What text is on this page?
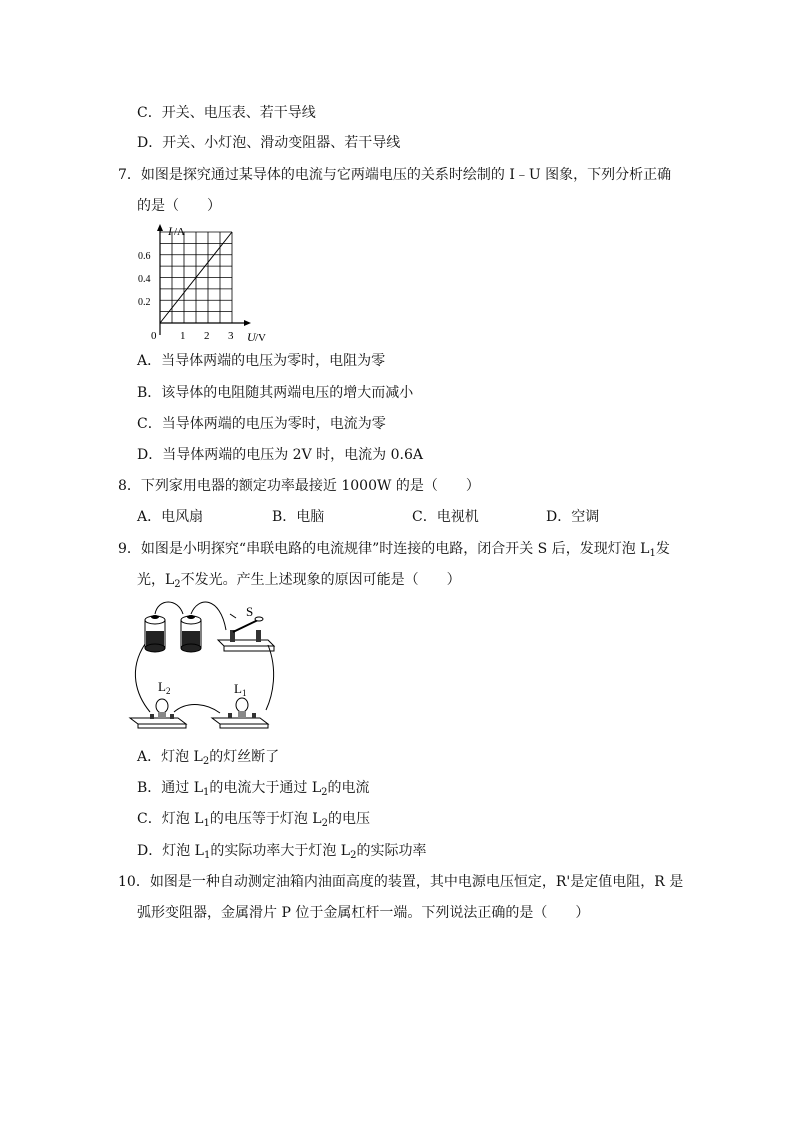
C．开关、电压表、若干导线
D．开关、小灯泡、滑动变阻器、若干导线
7．如图是探究通过某导体的电流与它两端电压的关系时绘制的 I﹣U 图象，下列分析正确
的是（　　）
I /A
U /V
0
0.6
0.4
0.2
1 2 3
A．当导体两端的电压为零时，电阻为零
B．该导体的电阻随其两端电压的增大而减小
C．当导体两端的电压为零时，电流为零
D．当导体两端的电压为 2V 时，电流为 0.6A
8．下列家用电器的额定功率最接近 1000W 的是（　　）
A．电风扇	B．电脑	C．电视机	D．空调
9．如图是小明探究“串联电路的电流规律”时连接的电路，闭合开关 S 后，发现灯泡 $L_1$发
光，$L_2$不发光。产生上述现象的原因可能是（　　）
S
L 2	L 1
A．灯泡 $L_2$的灯丝断了
B．通过 $L_1$的电流大于通过 $L_2$的电流
C．灯泡 $L_1$的电压等于灯泡 $L_2$的电压
D．灯泡 $L_1$的实际功率大于灯泡 $L_2$的实际功率
10．如图是一种自动测定油箱内油面高度的装置，其中电源电压恒定，R'是定值电阻，R 是
弧形变阻器，金属滑片 P 位于金属杠杆一端。下列说法正确的是（　　）
